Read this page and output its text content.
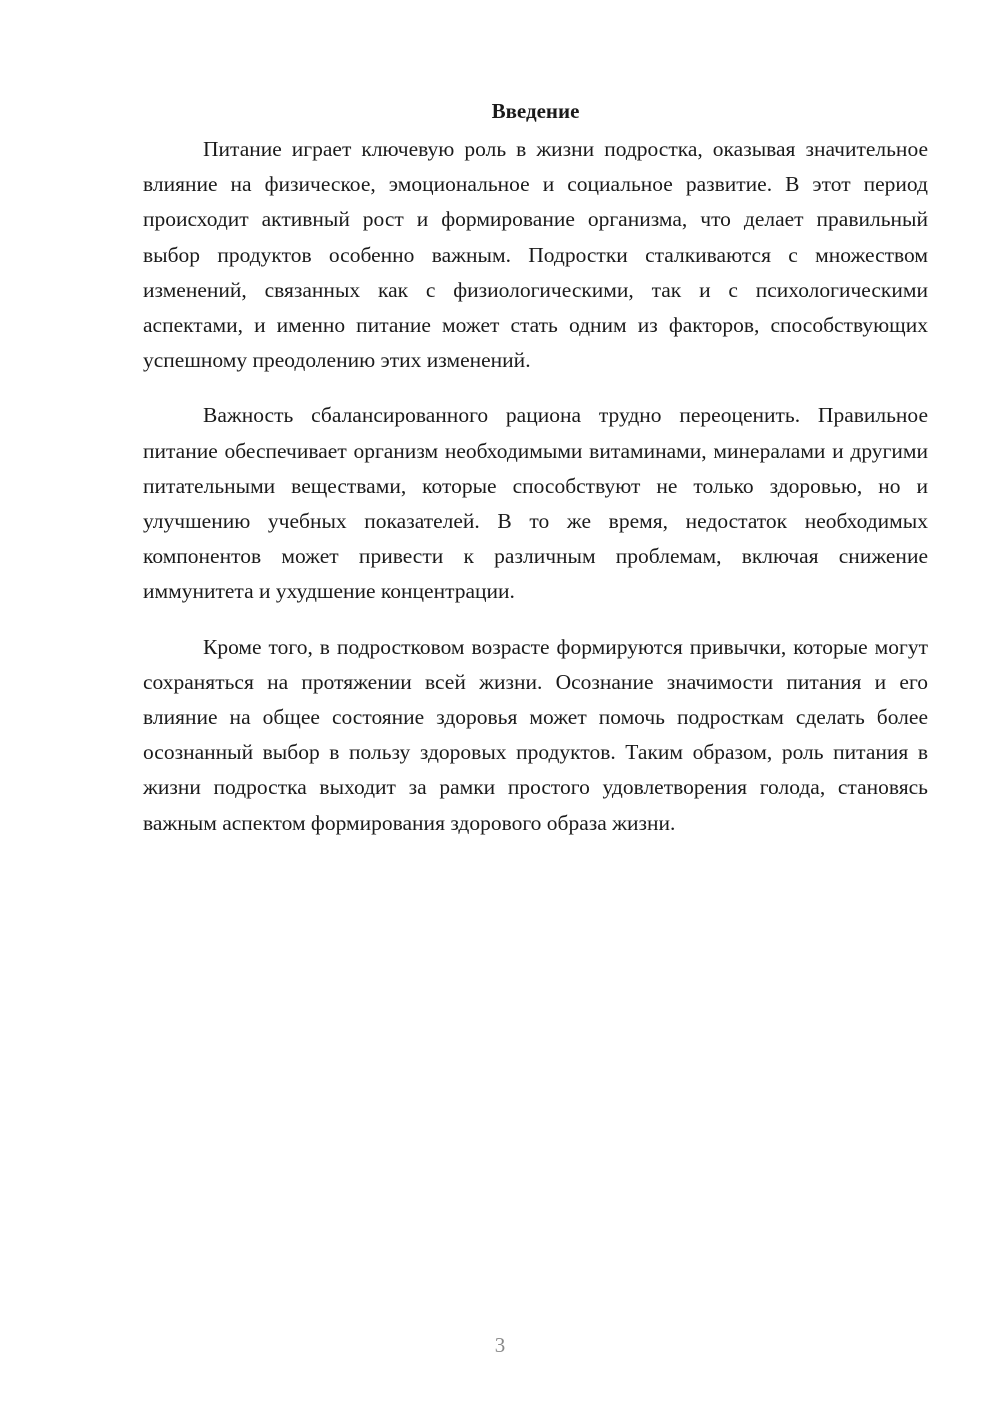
Введение

Питание играет ключевую роль в жизни подростка, оказывая значительное влияние на физическое, эмоциональное и социальное развитие. В этот период происходит активный рост и формирование организма, что делает правильный выбор продуктов особенно важным. Подростки сталкиваются с множеством изменений, связанных как с физиологическими, так и с психологическими аспектами, и именно питание может стать одним из факторов, способствующих успешному преодолению этих изменений.

Важность сбалансированного рациона трудно переоценить. Правильное питание обеспечивает организм необходимыми витаминами, минералами и другими питательными веществами, которые способствуют не только здоровью, но и улучшению учебных показателей. В то же время, недостаток необходимых компонентов может привести к различным проблемам, включая снижение иммунитета и ухудшение концентрации.

Кроме того, в подростковом возрасте формируются привычки, которые могут сохраняться на протяжении всей жизни. Осознание значимости питания и его влияние на общее состояние здоровья может помочь подросткам сделать более осознанный выбор в пользу здоровых продуктов. Таким образом, роль питания в жизни подростка выходит за рамки простого удовлетворения голода, становясь важным аспектом формирования здорового образа жизни.

3
